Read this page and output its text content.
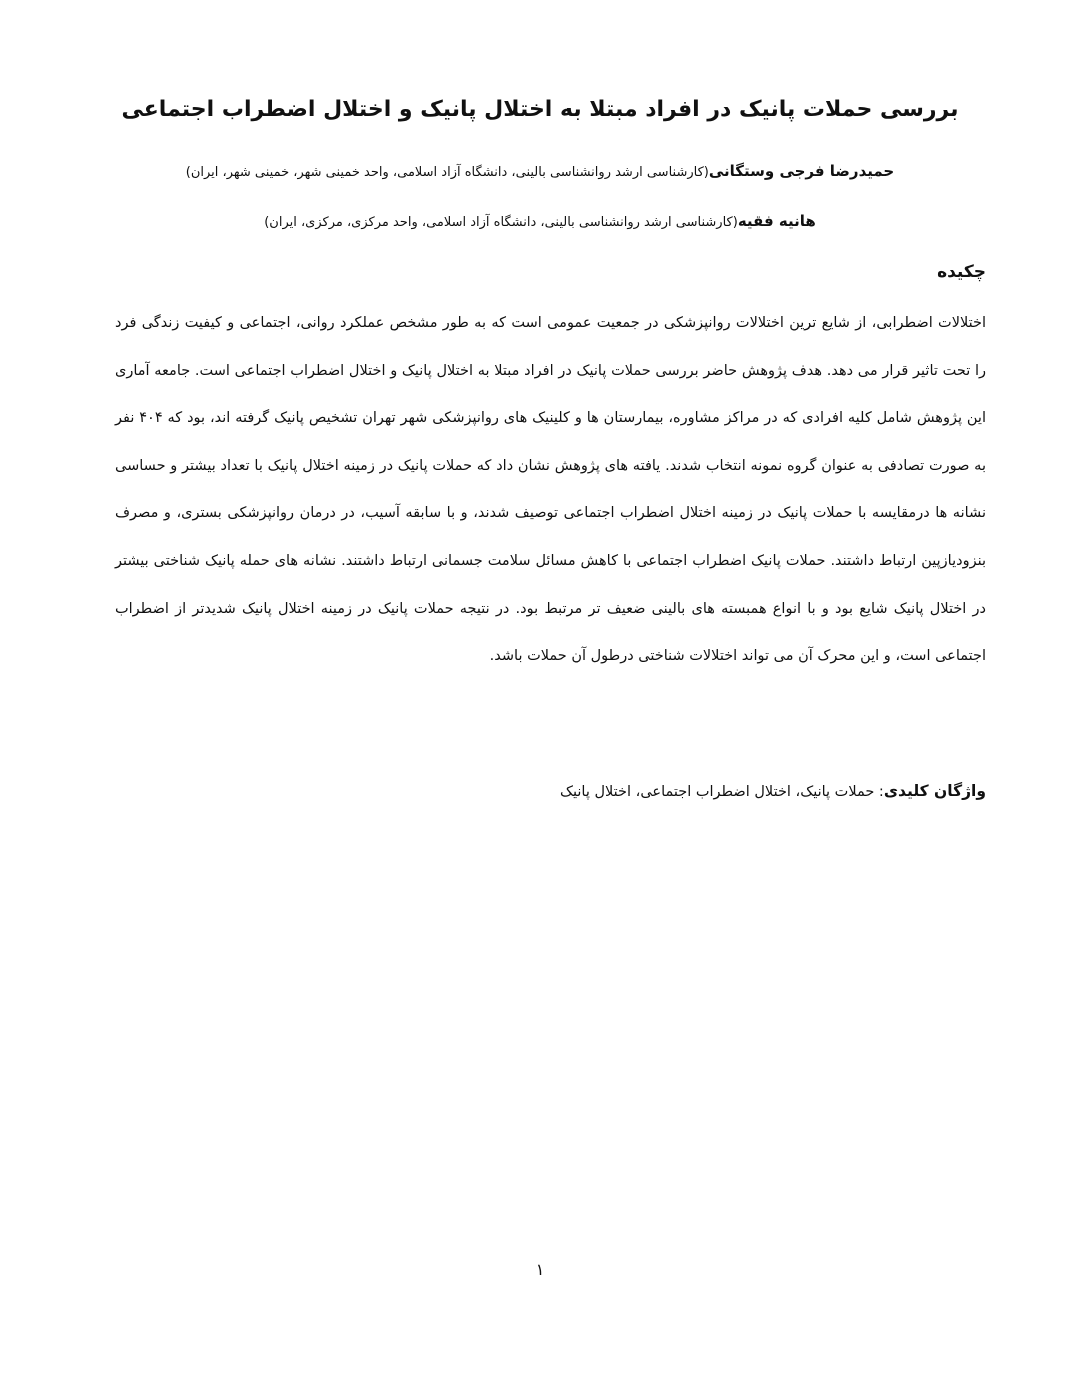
بررسی حملات پانیک در افراد مبتلا به اختلال پانیک و اختلال اضطراب اجتماعی

حمیدرضا فرجی وستگانی(کارشناسی ارشد روانشناسی بالینی، دانشگاه آزاد اسلامی، واحد خمینی شهر، خمینی شهر، ایران)

هانیه فقیه(کارشناسی ارشد روانشناسی بالینی، دانشگاه آزاد اسلامی، واحد مرکزی، مرکزی، ایران)

چکیده

اختلالات اضطرابی، از شایع ترین اختلالات روانپزشکی در جمعیت عمومی است که به طور مشخص عملکرد روانی، اجتماعی و کیفیت زندگی فرد را تحت تاثیر قرار می دهد. هدف پژوهش حاضر بررسی حملات پانیک در افراد مبتلا به اختلال پانیک و اختلال اضطراب اجتماعی است. جامعه آماری این پژوهش شامل کلیه افرادی که در مراکز مشاوره، بیمارستان ها و کلینیک های روانپزشکی شهر تهران تشخیص پانیک گرفته اند، بود که ۴۰۴ نفر به صورت تصادفی به عنوان گروه نمونه انتخاب شدند. یافته های پژوهش نشان داد که حملات پانیک در زمینه اختلال پانیک با تعداد بیشتر و حساسی نشانه ها درمقایسه با حملات پانیک در زمینه اختلال اضطراب اجتماعی توصیف شدند، و با سابقه آسیب، در درمان روانپزشکی بستری، و مصرف بنزودیازپین ارتباط داشتند. حملات پانیک اضطراب اجتماعی با کاهش مسائل سلامت جسمانی ارتباط داشتند. نشانه های حمله پانیک شناختی بیشتر در اختلال پانیک شایع بود و با انواع همبسته های بالینی ضعیف تر مرتبط بود. در نتیجه حملات پانیک در زمینه اختلال پانیک شدیدتر از اضطراب اجتماعی است، و این محرک آن می تواند اختلالات شناختی درطول آن حملات باشد.

واژگان کلیدی: حملات پانیک، اختلال اضطراب اجتماعی، اختلال پانیک

۱
